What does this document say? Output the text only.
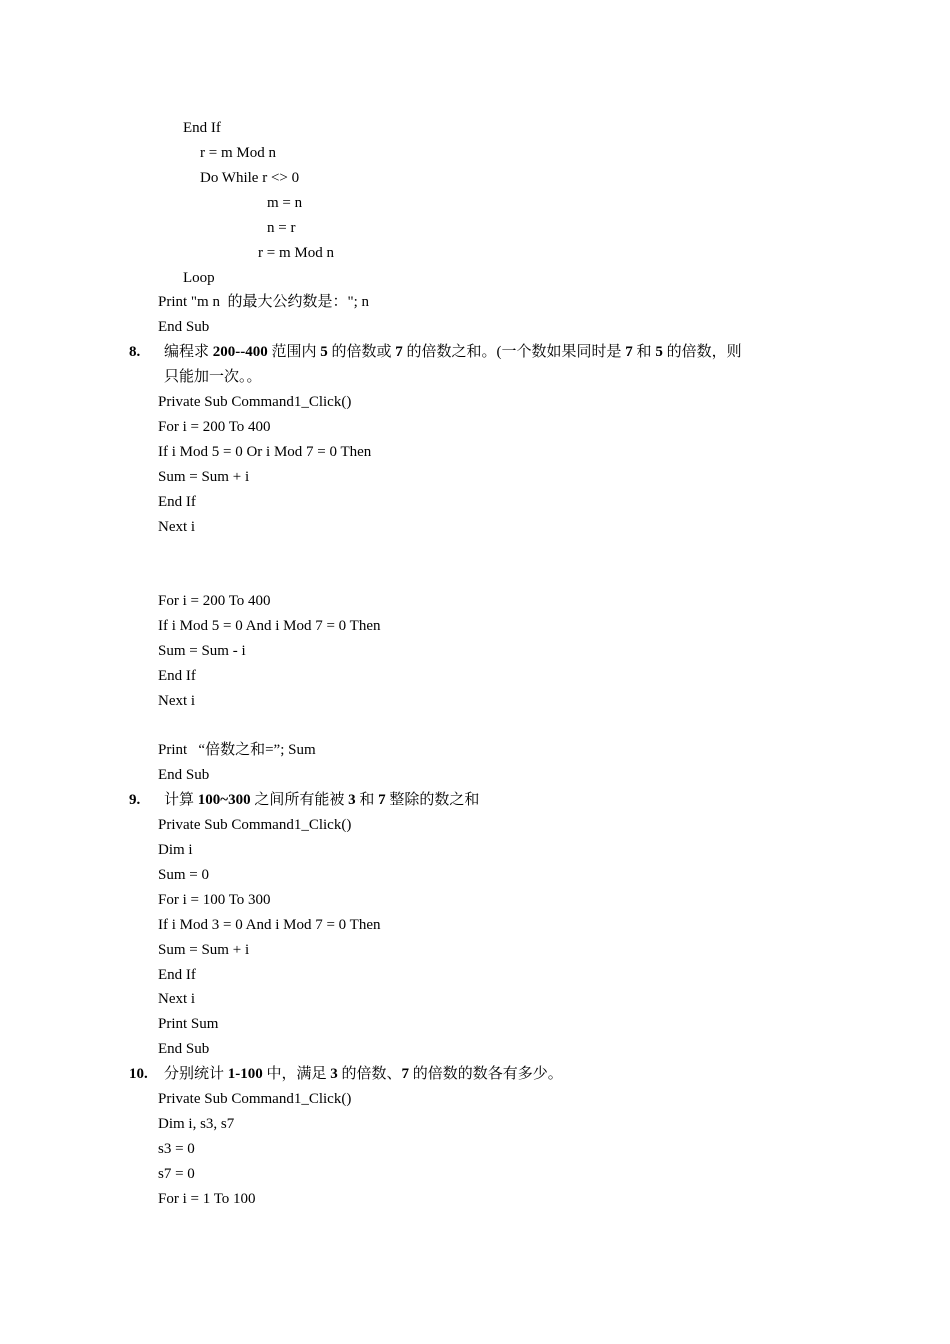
End If
r = m Mod n
Do While r <> 0
m = n
n = r
r = m Mod n
Loop
Print "m n  的最大公约数是："; n
End Sub
8. 编程求 200--400 范围内 5 的倍数或 7 的倍数之和。(一个数如果同时是 7 和 5 的倍数，则
只能加一次。。
Private Sub Command1_Click()
For i = 200 To 400
If i Mod 5 = 0 Or i Mod 7 = 0 Then
Sum = Sum + i
End If
Next i
For i = 200 To 400
If i Mod 5 = 0 And i Mod 7 = 0 Then
Sum = Sum - i
End If
Next i
Print   “倍数之和=”; Sum
End Sub
9. 计算 100~300 之间所有能被 3 和 7 整除的数之和
Private Sub Command1_Click()
Dim i
Sum = 0
For i = 100 To 300
If i Mod 3 = 0 And i Mod 7 = 0 Then
Sum = Sum + i
End If
Next i
Print Sum
End Sub
10. 分别统计 1-100 中，满足 3 的倍数、7 的倍数的数各有多少。
Private Sub Command1_Click()
Dim i, s3, s7
s3 = 0
s7 = 0
For i = 1 To 100
